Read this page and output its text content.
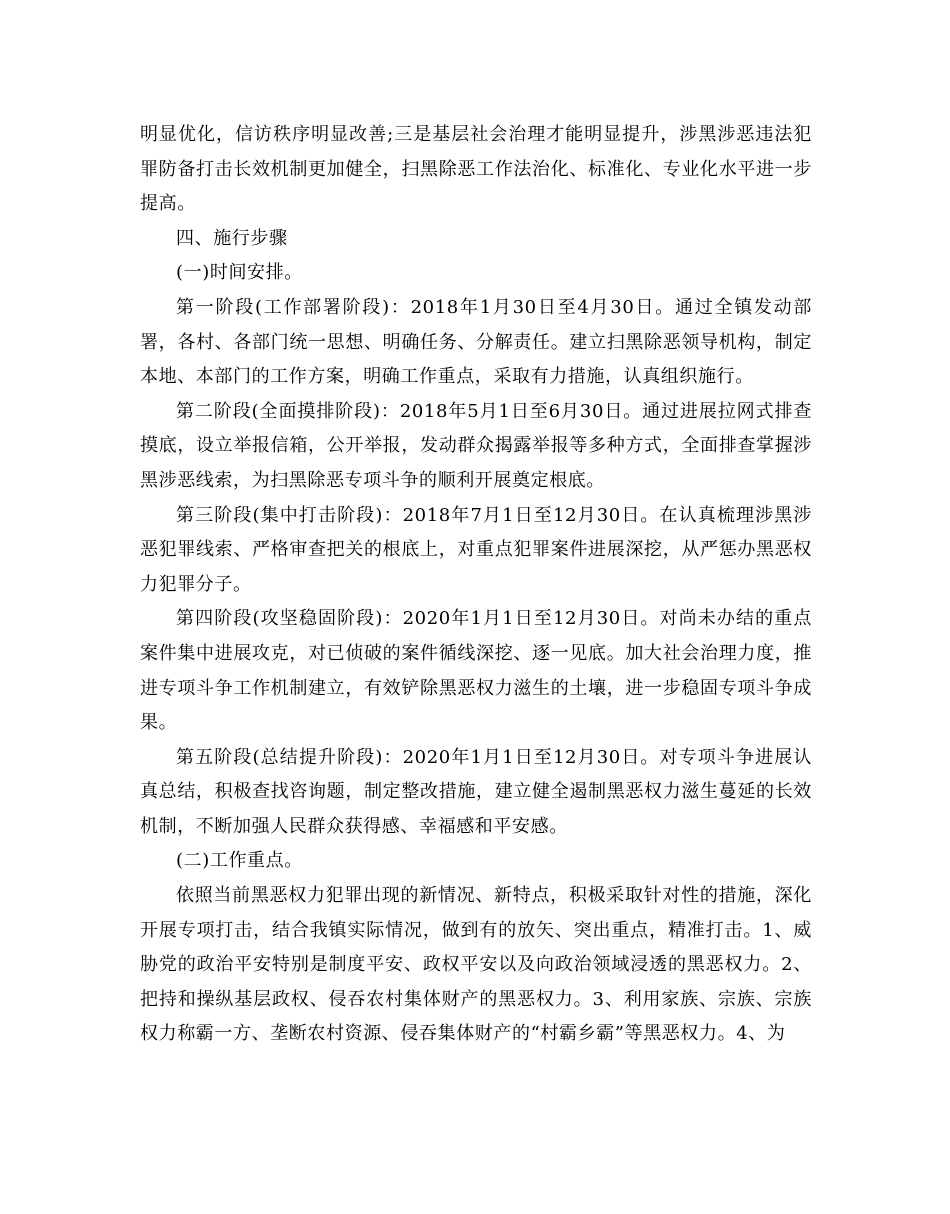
明显优化，信访秩序明显改善;三是基层社会治理才能明显提升，涉黑涉恶违法犯罪防备打击长效机制更加健全，扫黑除恶工作法治化、标准化、专业化水平进一步提高。

四、施行步骤

(一)时间安排。

第一阶段(工作部署阶段)：2018年1月30日至4月30日。通过全镇发动部署，各村、各部门统一思想、明确任务、分解责任。建立扫黑除恶领导机构，制定本地、本部门的工作方案，明确工作重点，采取有力措施，认真组织施行。

第二阶段(全面摸排阶段)：2018年5月1日至6月30日。通过进展拉网式排查摸底，设立举报信箱，公开举报，发动群众揭露举报等多种方式，全面排查掌握涉黑涉恶线索，为扫黑除恶专项斗争的顺利开展奠定根底。

第三阶段(集中打击阶段)：2018年7月1日至12月30日。在认真梳理涉黑涉恶犯罪线索、严格审查把关的根底上，对重点犯罪案件进展深挖，从严惩办黑恶权力犯罪分子。

第四阶段(攻坚稳固阶段)：2020年1月1日至12月30日。对尚未办结的重点案件集中进展攻克，对已侦破的案件循线深挖、逐一见底。加大社会治理力度，推进专项斗争工作机制建立，有效铲除黑恶权力滋生的土壤，进一步稳固专项斗争成果。

第五阶段(总结提升阶段)：2020年1月1日至12月30日。对专项斗争进展认真总结，积极查找咨询题，制定整改措施，建立健全遏制黑恶权力滋生蔓延的长效机制，不断加强人民群众获得感、幸福感和平安感。

(二)工作重点。

依照当前黑恶权力犯罪出现的新情况、新特点，积极采取针对性的措施，深化开展专项打击，结合我镇实际情况，做到有的放矢、突出重点，精准打击。1、威胁党的政治平安特别是制度平安、政权平安以及向政治领域浸透的黑恶权力。2、把持和操纵基层政权、侵吞农村集体财产的黑恶权力。3、利用家族、宗族、宗族权力称霸一方、垄断农村资源、侵吞集体财产的“村霸乡霸”等黑恶权力。4、为
